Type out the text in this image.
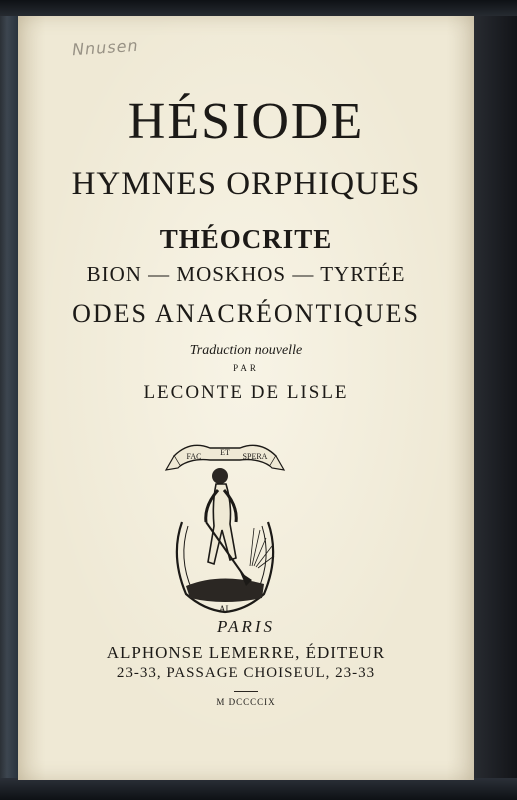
Nnusen
HÉSIODE
HYMNES ORPHIQUES
THÉOCRITE
BION — MOSKHOS — TYRTÉE
ODES ANACRÉONTIQUES
Traduction nouvelle
PAR
LECONTE DE LISLE
FAC ET SPERA
AL
PARIS
ALPHONSE LEMERRE, ÉDITEUR
23-33, PASSAGE CHOISEUL, 23-33
M DCCCCIX
